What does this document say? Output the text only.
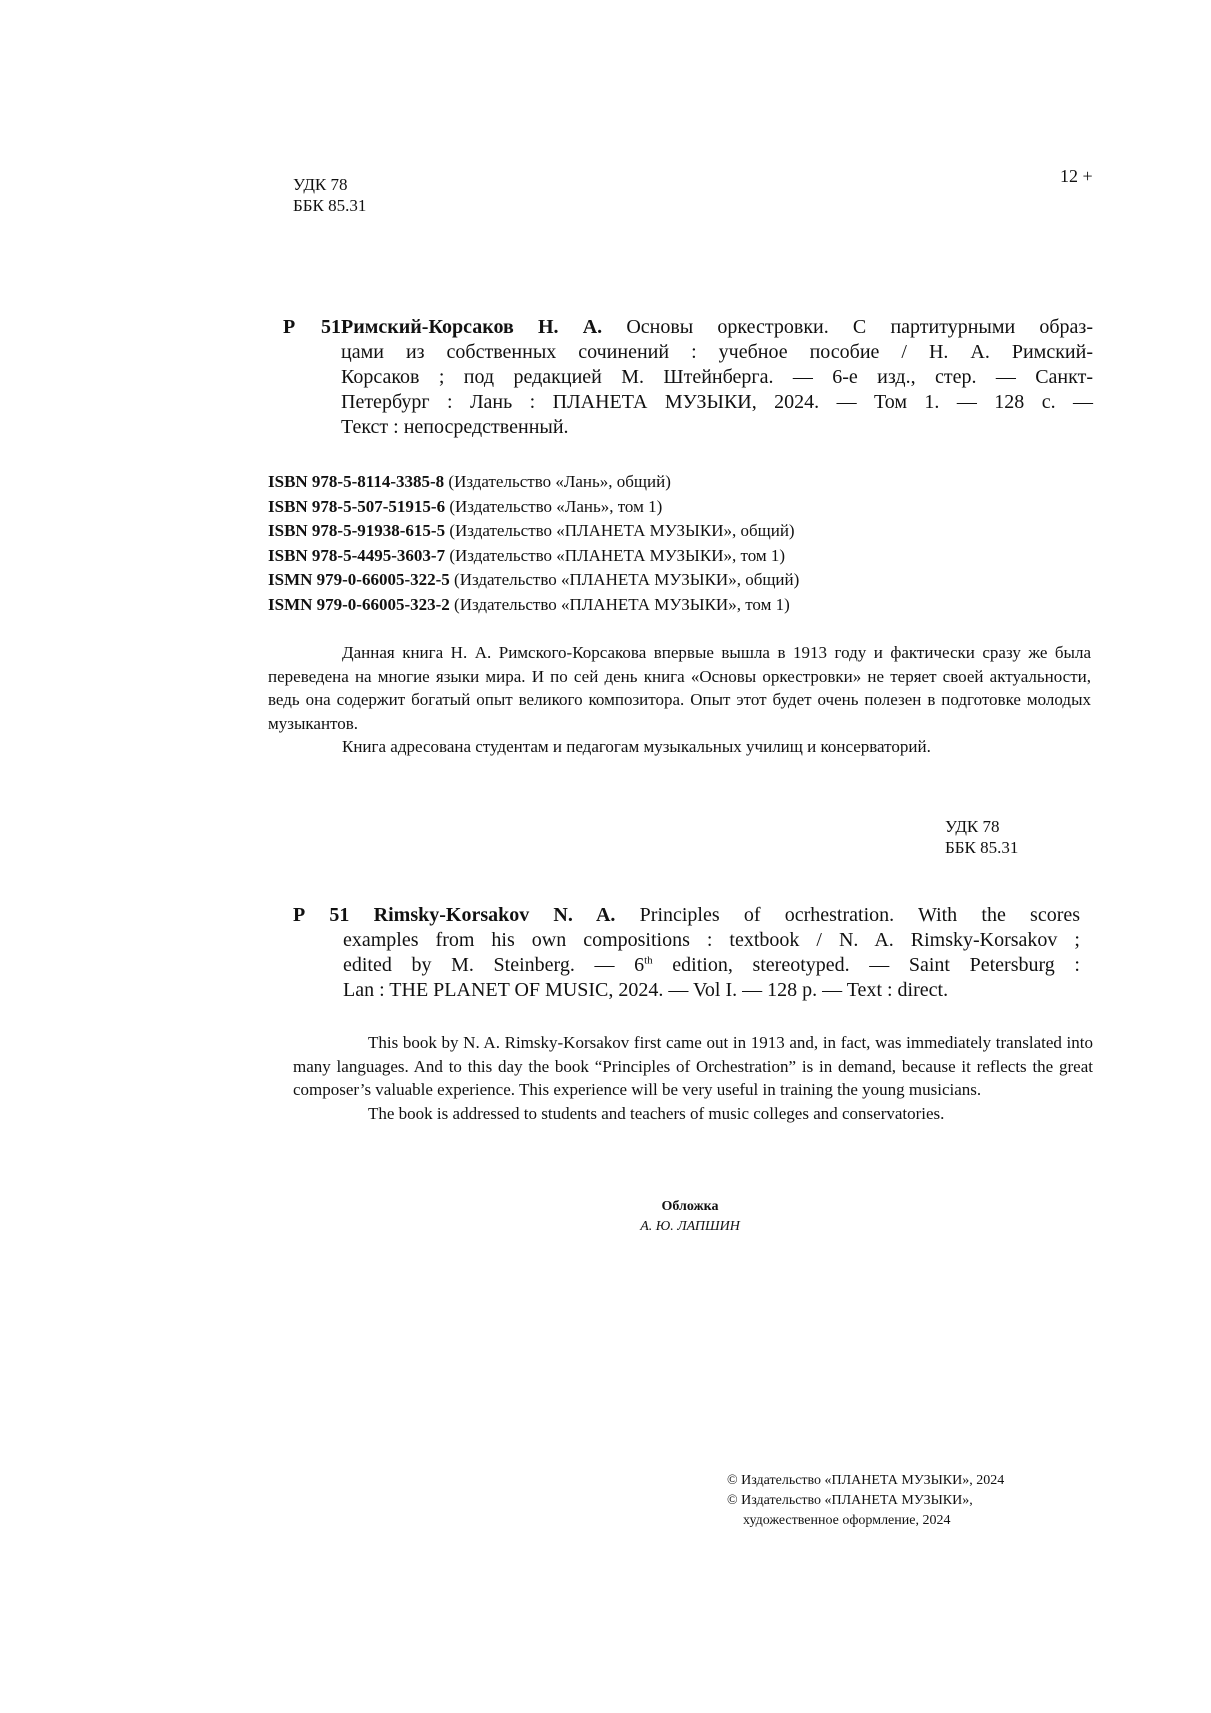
УДК 78
ББК 85.31
12 +
Р 51Римский-Корсаков Н. А. Основы оркестровки. С партитурными образ-
цами из собственных сочинений : учебное пособие / Н. А. Римский-
Корсаков ; под редакцией М. Штейнберга. — 6-е изд., стер. — Санкт-
Петербург : Лань : ПЛАНЕТА МУЗЫКИ, 2024. — Том 1. — 128 с. —
Текст : непосредственный.
ISBN 978-5-8114-3385-8 (Издательство «Лань», общий)
ISBN 978-5-507-51915-6 (Издательство «Лань», том 1)
ISBN 978-5-91938-615-5 (Издательство «ПЛАНЕТА МУЗЫКИ», общий)
ISBN 978-5-4495-3603-7 (Издательство «ПЛАНЕТА МУЗЫКИ», том 1)
ISMN 979-0-66005-322-5 (Издательство «ПЛАНЕТА МУЗЫКИ», общий)
ISMN 979-0-66005-323-2 (Издательство «ПЛАНЕТА МУЗЫКИ», том 1)

Данная книга Н. А. Римского-Корсакова впервые вышла в 1913 году и фактически сразу же была переведена на многие языки мира. И по сей день книга «Основы оркестровки» не теряет своей актуальности, ведь она содержит богатый опыт великого композитора. Опыт этот будет очень полезен в подготовке молодых музыкантов.

Книга адресована студентам и педагогам музыкальных училищ и консерваторий.

УДК 78
ББК 85.31
Р 51 Rimsky-Korsakov N. A. Principles of ocrhestration. With the scores
examples from his own compositions : textbook / N. A. Rimsky-Korsakov ;
edited by M. Steinberg. — 6th edition, stereotyped. — Saint Petersburg :
Lan : THE PLANET OF MUSIC, 2024. — Vol I. — 128 p. — Text : direct.

This book by N. A. Rimsky-Korsakov first came out in 1913 and, in fact, was immediately translated into many languages. And to this day the book “Principles of Orchestration” is in demand, because it reflects the great composer’s valuable experience. This experience will be very useful in training the young musicians.

The book is addressed to students and teachers of music colleges and conservatories.

Обложка
А. Ю. ЛАПШИН
© Издательство «ПЛАНЕТА МУЗЫКИ», 2024
© Издательство «ПЛАНЕТА МУЗЫКИ»,
художественное оформление, 2024
